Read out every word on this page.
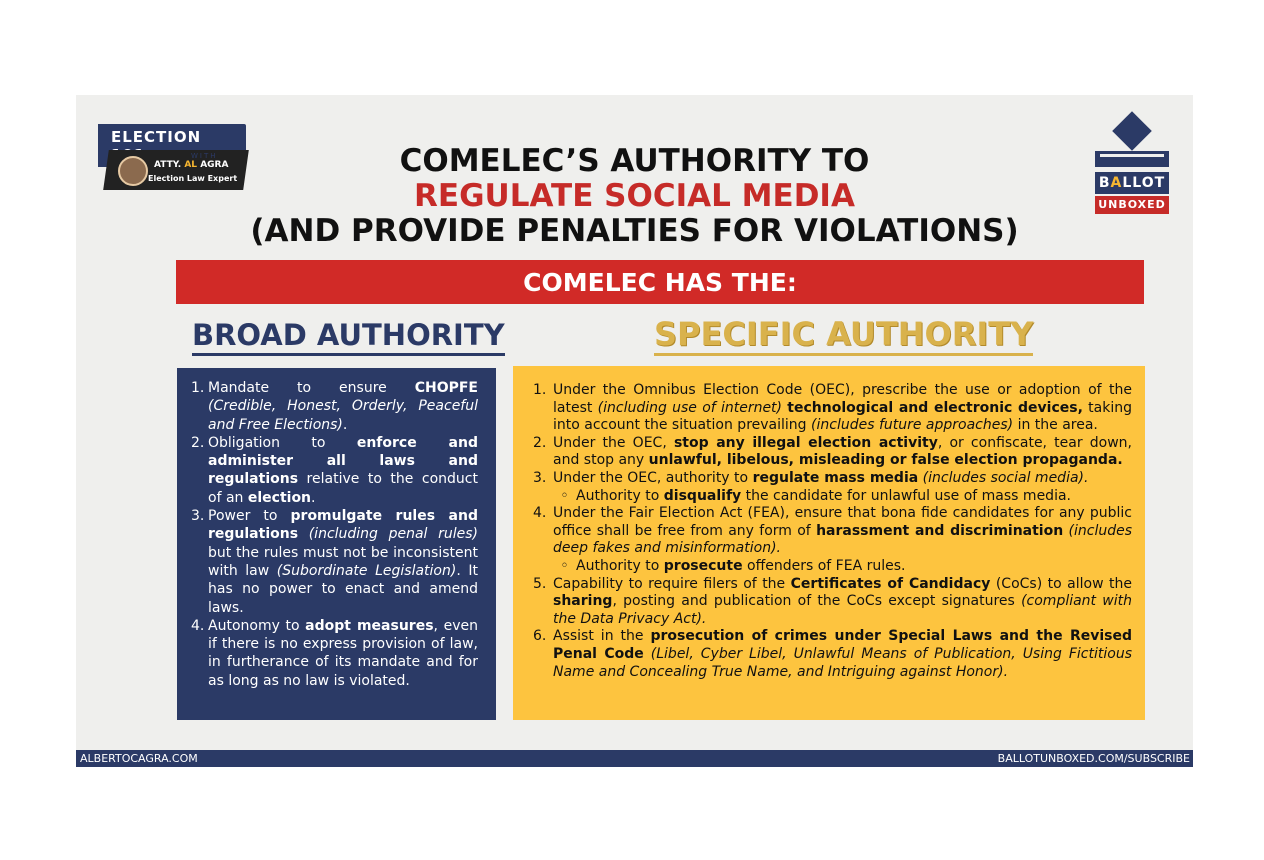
ELECTION
WITH
ATTY. AL AGRA
Election Law Expert	COMELEC’S AUTHORITY TO
REGULATE SOCIAL MEDIA
(AND PROVIDE PENALTIES FOR VIOLATIONS)
BALLOT
UNBOXED
COMELEC HAS THE:
BROAD AUTHORITY	SPECIFIC AUTHORITY
1. Mandate to ensure CHOPFE (Credible, Honest, Orderly, Peaceful and Free Elections).
2. Obligation to enforce and administer all laws and regulations relative to the conduct of an election.
3. Power to promulgate rules and regulations (including penal rules) but the rules must not be inconsistent with law (Subordinate Legislation). It has no power to enact and amend laws.
4. Autonomy to adopt measures, even if there is no express provision of law, in furtherance of its mandate and for as long as no law is violated.
1. Under the Omnibus Election Code (OEC), prescribe the use or adoption of the latest (including use of internet) technological and electronic devices, taking into account the situation prevailing (includes future approaches) in the area.
2. Under the OEC, stop any illegal election activity, or confiscate, tear down, and stop any unlawful, libelous, misleading or false election propaganda.
3. Under the OEC, authority to regulate mass media (includes social media).
◦ Authority to disqualify the candidate for unlawful use of mass media.
4. Under the Fair Election Act (FEA), ensure that bona fide candidates for any public office shall be free from any form of harassment and discrimination (includes deep fakes and misinformation).
◦ Authority to prosecute offenders of FEA rules.
5. Capability to require filers of the Certificates of Candidacy (CoCs) to allow the sharing, posting and publication of the CoCs except signatures (compliant with the Data Privacy Act).
6. Assist in the prosecution of crimes under Special Laws and the Revised Penal Code (Libel, Cyber Libel, Unlawful Means of Publication, Using Fictitious Name and Concealing True Name, and Intriguing against Honor).
ALBERTOCAGRA.COM	BALLOTUNBOXED.COM/SUBSCRIBE
